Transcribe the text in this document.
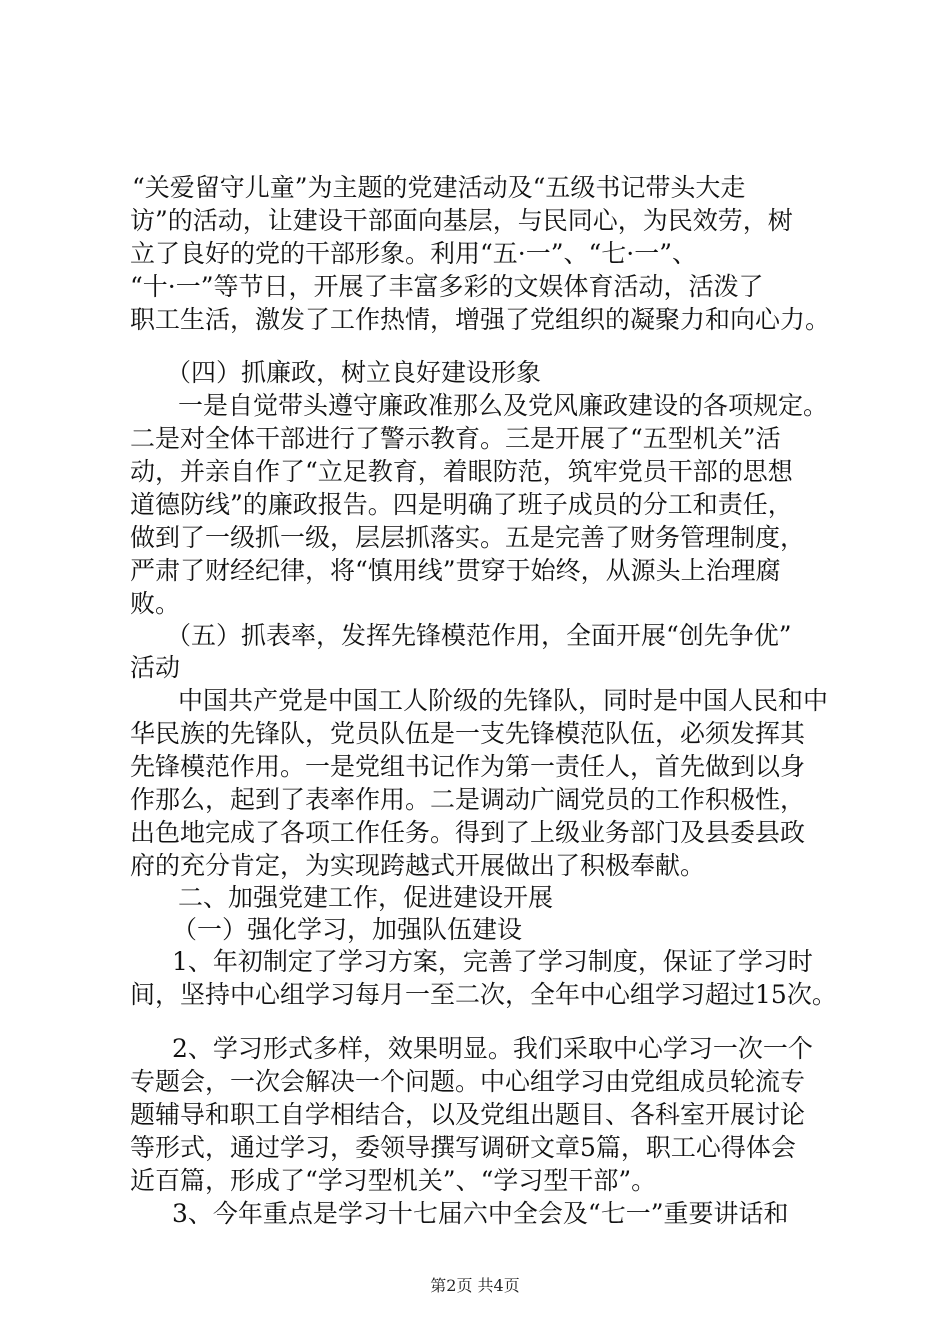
“关爱留守儿童”为主题的党建活动及“五级书记带头大走
访”的活动，让建设干部面向基层，与民同心，为民效劳，树
立了良好的党的干部形象。利用“五·一”、“七·一”、
“十·一”等节日，开展了丰富多彩的文娱体育活动，活泼了
职工生活，激发了工作热情，增强了党组织的凝聚力和向心力。
（四）抓廉政，树立良好建设形象
一是自觉带头遵守廉政准那么及党风廉政建设的各项规定。
二是对全体干部进行了警示教育。三是开展了“五型机关”活
动，并亲自作了“立足教育，着眼防范，筑牢党员干部的思想
道德防线”的廉政报告。四是明确了班子成员的分工和责任，
做到了一级抓一级，层层抓落实。五是完善了财务管理制度，
严肃了财经纪律，将“慎用线”贯穿于始终，从源头上治理腐
败。
（五）抓表率，发挥先锋模范作用，全面开展“创先争优”
活动
中国共产党是中国工人阶级的先锋队，同时是中国人民和中
华民族的先锋队，党员队伍是一支先锋模范队伍，必须发挥其
先锋模范作用。一是党组书记作为第一责任人，首先做到以身
作那么，起到了表率作用。二是调动广阔党员的工作积极性，
出色地完成了各项工作任务。得到了上级业务部门及县委县政
府的充分肯定，为实现跨越式开展做出了积极奉献。
二、加强党建工作，促进建设开展
（一）强化学习，加强队伍建设
1、年初制定了学习方案，完善了学习制度，保证了学习时
间，坚持中心组学习每月一至二次，全年中心组学习超过15次。
2、学习形式多样，效果明显。我们采取中心学习一次一个
专题会，一次会解决一个问题。中心组学习由党组成员轮流专
题辅导和职工自学相结合，以及党组出题目、各科室开展讨论
等形式，通过学习，委领导撰写调研文章5篇，职工心得体会
近百篇，形成了“学习型机关”、“学习型干部”。
3、今年重点是学习十七届六中全会及“七一”重要讲话和
第2页 共4页
